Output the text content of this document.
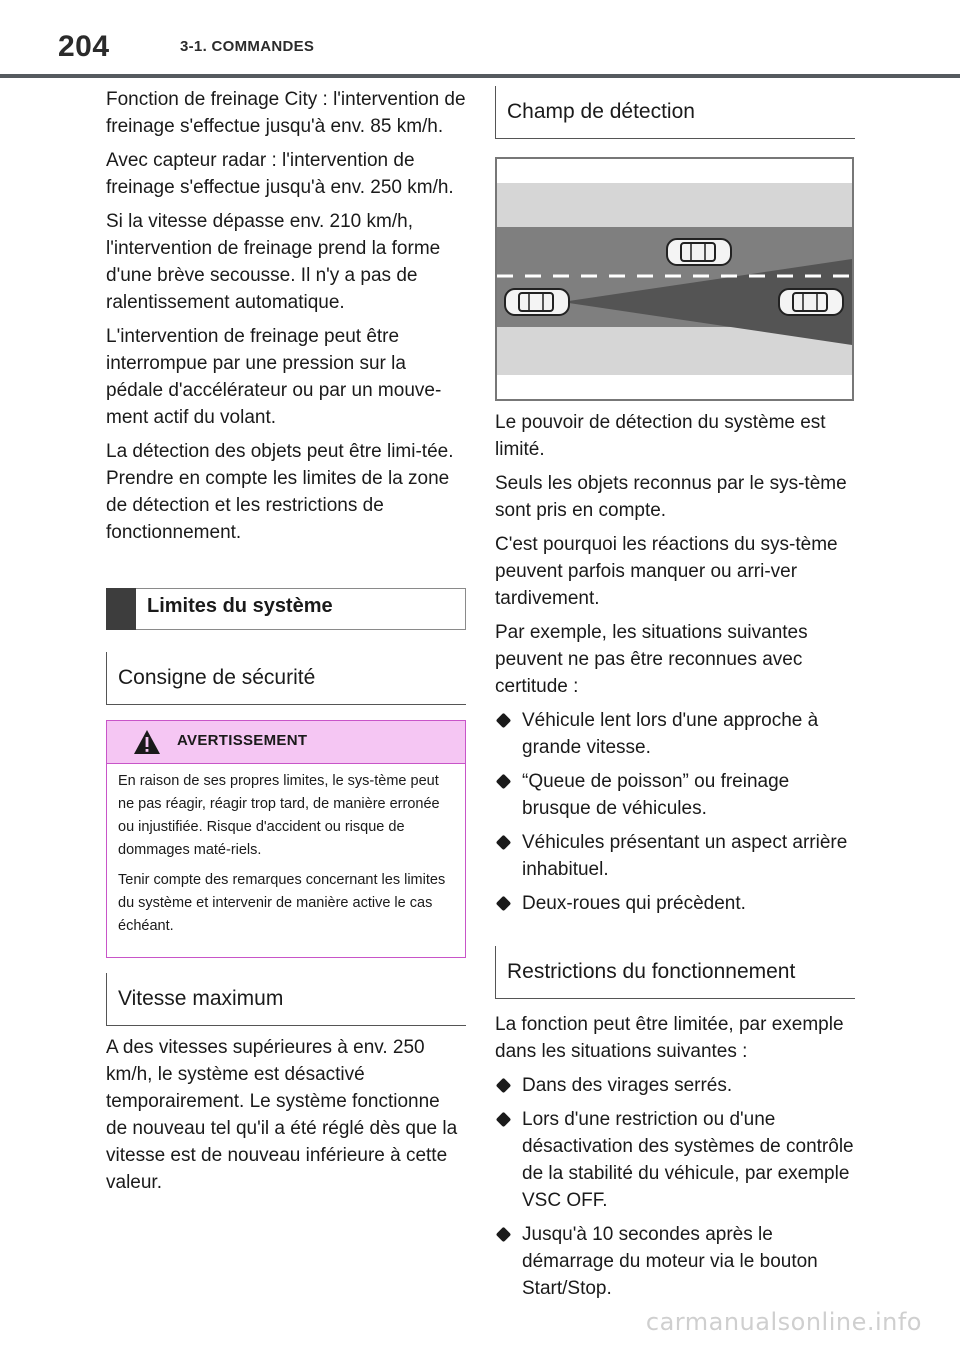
204	3-1. COMMANDES

Fonction de freinage City : l'intervention de freinage s'effectue jusqu'à env. 85 km/h.

Avec capteur radar : l'intervention de freinage s'effectue jusqu'à env. 250 km/h.

Si la vitesse dépasse env. 210 km/h, l'intervention de freinage prend la forme d'une brève secousse. Il n'y a pas de ralentissement automatique.

L'intervention de freinage peut être interrompue par une pression sur la pédale d'accélérateur ou par un mouve-ment actif du volant.

La détection des objets peut être limi-tée. Prendre en compte les limites de la zone de détection et les restrictions de fonctionnement.

Limites du système
Consigne de sécurité
AVERTISSEMENT

En raison de ses propres limites, le sys-tème peut ne pas réagir, réagir trop tard, de manière erronée ou injustifiée. Risque d'accident ou risque de dommages maté-riels.

Tenir compte des remarques concernant les limites du système et intervenir de manière active le cas échéant.

Vitesse maximum

A des vitesses supérieures à env. 250 km/h, le système est désactivé temporairement. Le système fonctionne de nouveau tel qu'il a été réglé dès que la vitesse est de nouveau inférieure à cette valeur.

Champ de détection

Le pouvoir de détection du système est limité.

Seuls les objets reconnus par le sys-tème sont pris en compte.

C'est pourquoi les réactions du sys-tème peuvent parfois manquer ou arri-ver tardivement.

Par exemple, les situations suivantes peuvent ne pas être reconnues avec certitude :

Véhicule lent lors d'une approche à grande vitesse.
“Queue de poisson” ou freinage brusque de véhicules.
Véhicules présentant un aspect arrière inhabituel.
Deux-roues qui précèdent.
Restrictions du fonctionnement

La fonction peut être limitée, par exemple dans les situations suivantes :

Dans des virages serrés.
Lors d'une restriction ou d'une désactivation des systèmes de contrôle de la stabilité du véhicule, par exemple VSC OFF.
Jusqu'à 10 secondes après le démarrage du moteur via le bouton Start/Stop.
carmanualsonline.info
